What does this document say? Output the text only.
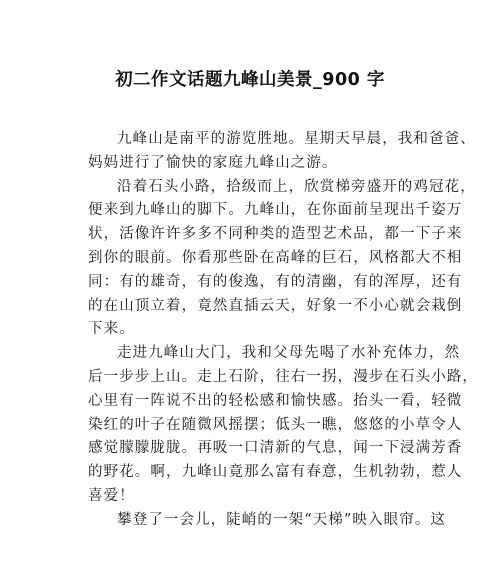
初二作文话题九峰山美景_900 字
九峰山是南平的游览胜地。星期天早晨，我和爸爸、
妈妈进行了愉快的家庭九峰山之游。
沿着石头小路，拾级而上，欣赏梯旁盛开的鸡冠花，
便来到九峰山的脚下。九峰山，在你面前呈现出千姿万
状，活像许许多多不同种类的造型艺术品，都一下子来
到你的眼前。你看那些卧在高峰的巨石，风格都大不相
同：有的雄奇，有的俊逸，有的清幽，有的浑厚，还有
的在山顶立着，竟然直插云天，好象一不小心就会栽倒
下来。
走进九峰山大门，我和父母先喝了水补充体力，然
后一步步上山。走上石阶，往右一拐，漫步在石头小路，
心里有一阵说不出的轻松感和愉快感。抬头一看，轻微
染红的叶子在随微风摇摆；低头一瞧，悠悠的小草令人
感觉朦朦胧胧。再吸一口清新的气息，闻一下浸满芳香
的野花。啊，九峰山竟那么富有春意，生机勃勃，惹人
喜爱！
攀登了一会儿，陡峭的一架“天梯”映入眼帘。这
